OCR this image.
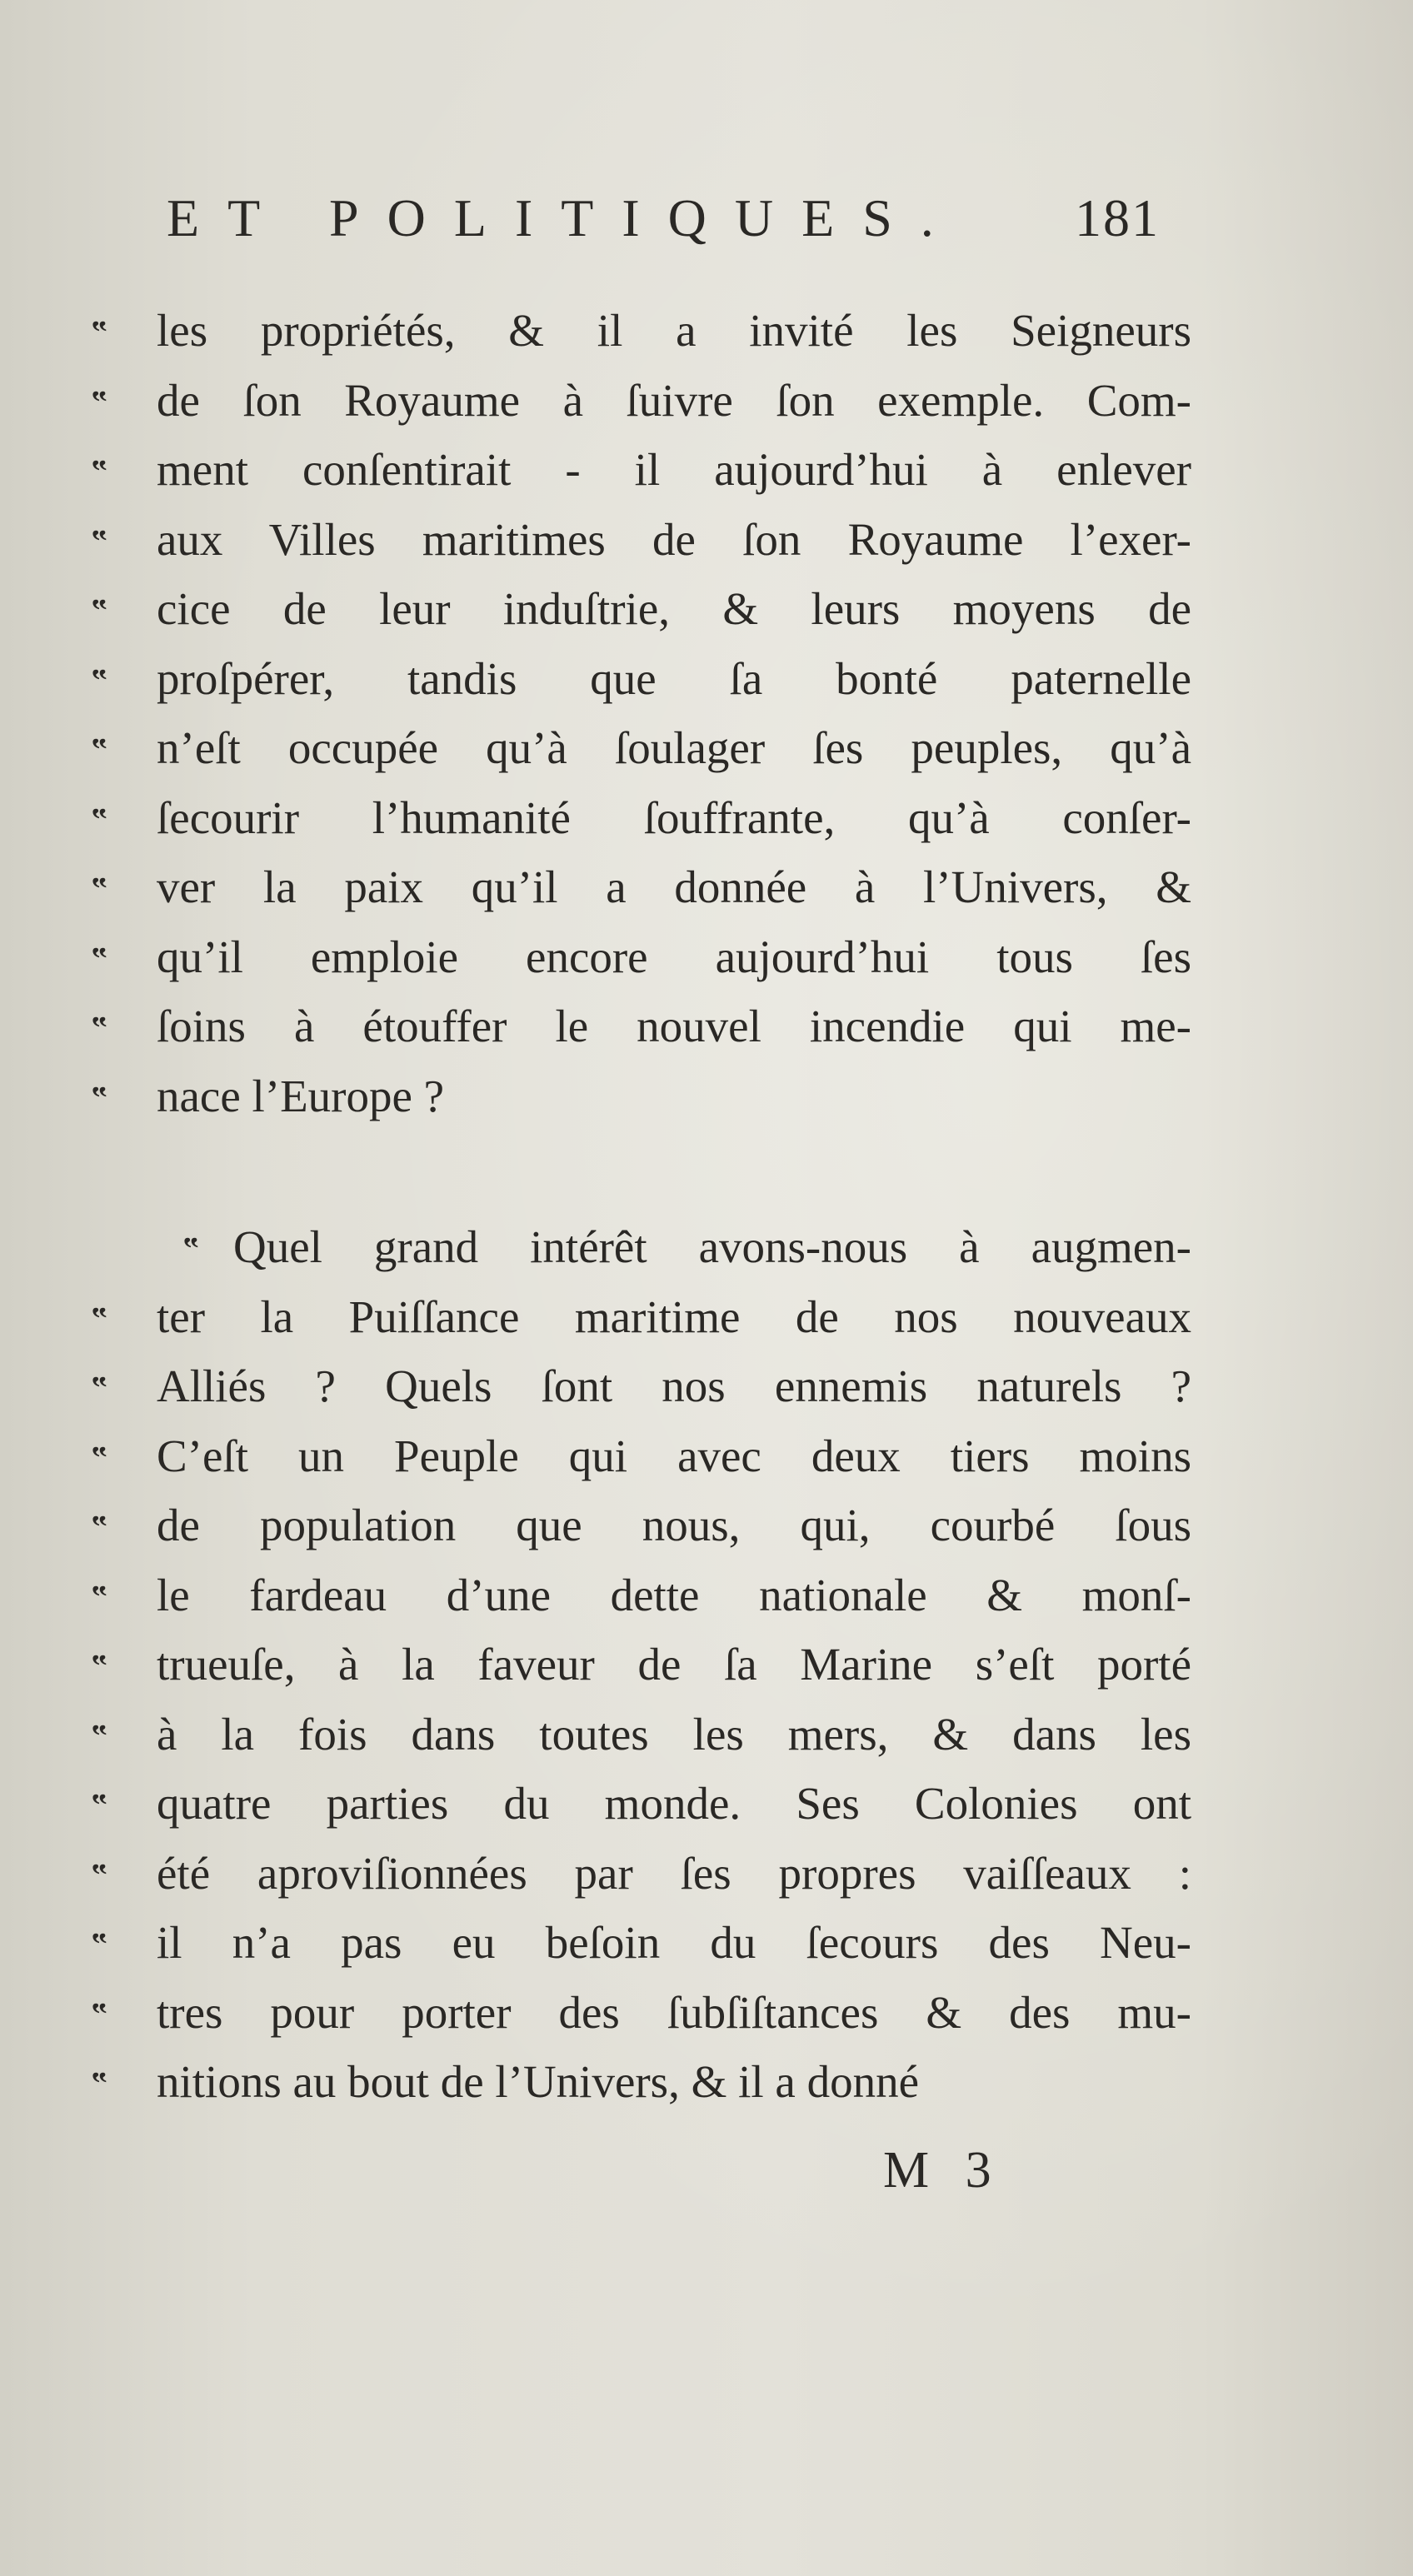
ET POLITIQUES.	181
‟	les propriétés, & il a invité les Seigneurs
‟	de ſon Royaume à ſuivre ſon exemple. Com-
‟	ment conſentirait - il aujourd’hui à enlever
‟	aux Villes maritimes de ſon Royaume l’exer-
‟	cice de leur induſtrie, & leurs moyens de
‟	proſpérer, tandis que ſa bonté paternelle
‟	n’eſt occupée qu’à ſoulager ſes peuples, qu’à
‟	ſecourir l’humanité ſouffrante, qu’à conſer-
‟	ver la paix qu’il a donnée à l’Univers, &
‟	qu’il emploie encore aujourd’hui tous ſes
‟	ſoins à étouffer le nouvel incendie qui me-
‟	nace l’Europe ?
‟ Quel grand intérêt avons-nous à augmen-
‟	ter la Puiſſance maritime de nos nouveaux
‟	Alliés ? Quels ſont nos ennemis naturels ?
‟	C’eſt un Peuple qui avec deux tiers moins
‟	de population que nous, qui, courbé ſous
‟	le fardeau d’une dette nationale & monſ-
‟	trueuſe, à la faveur de ſa Marine s’eſt porté
‟	à la fois dans toutes les mers, & dans les
‟	quatre parties du monde. Ses Colonies ont
‟	été aproviſionnées par ſes propres vaiſſeaux :
‟	il n’a pas eu beſoin du ſecours des Neu-
‟	tres pour porter des ſubſiſtances & des mu-
‟	nitions au bout de l’Univers, & il a donné
M 3
